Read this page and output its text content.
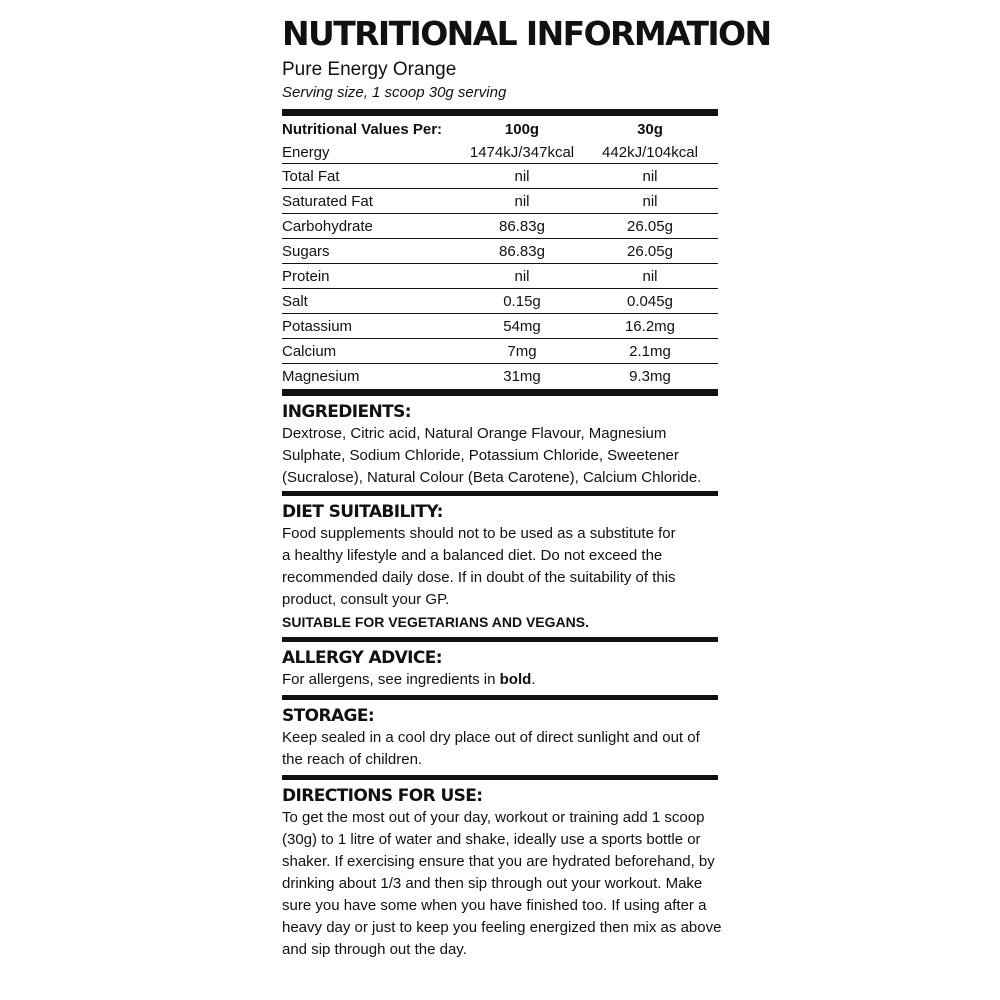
NUTRITIONAL INFORMATION
Pure Energy Orange
Serving size, 1 scoop 30g serving
Nutritional Values Per:	100g	30g
Energy	1474kJ/347kcal	442kJ/104kcal
Total Fat	nil	nil
Saturated Fat	nil	nil
Carbohydrate	86.83g	26.05g
Sugars	86.83g	26.05g
Protein	nil	nil
Salt	0.15g	0.045g
Potassium	54mg	16.2mg
Calcium	7mg	2.1mg
Magnesium	31mg	9.3mg
INGREDIENTS:

Dextrose, Citric acid, Natural Orange Flavour, Magnesium

Sulphate, Sodium Chloride, Potassium Chloride, Sweetener

(Sucralose), Natural Colour (Beta Carotene), Calcium Chloride.

DIET SUITABILITY:

Food supplements should not to be used as a substitute for

a healthy lifestyle and a balanced diet. Do not exceed the

recommended daily dose. If in doubt of the suitability of this

product, consult your GP.

SUITABLE FOR VEGETARIANS AND VEGANS.
ALLERGY ADVICE:

For allergens, see ingredients in bold.

STORAGE:

Keep sealed in a cool dry place out of direct sunlight and out of

the reach of children.

DIRECTIONS FOR USE:

To get the most out of your day, workout or training add 1 scoop

(30g) to 1 litre of water and shake, ideally use a sports bottle or

shaker. If exercising ensure that you are hydrated beforehand, by

drinking about 1/3 and then sip through out your workout. Make

sure you have some when you have finished too. If using after a

heavy day or just to keep you feeling energized then mix as above

and sip through out the day.
